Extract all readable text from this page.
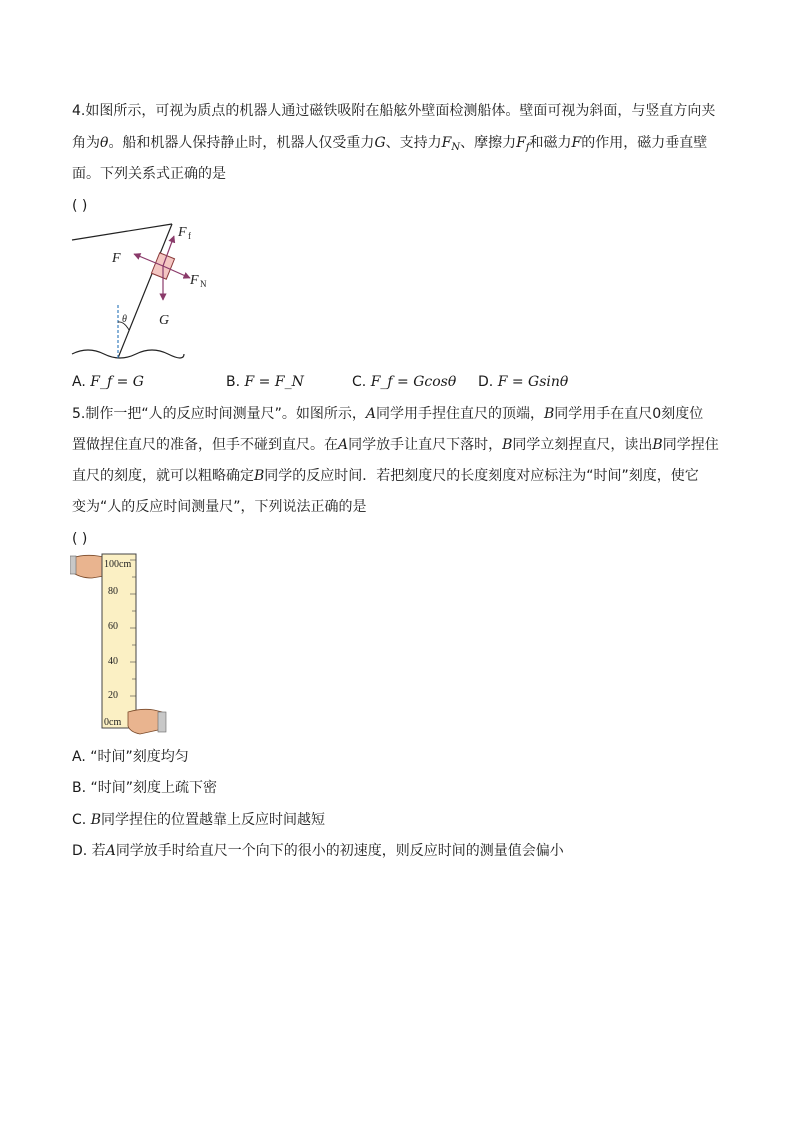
4.如图所示，可视为质点的机器人通过磁铁吸附在船舷外壁面检测船体。壁面可视为斜面，与竖直方向夹
角为θ。船和机器人保持静止时，机器人仅受重力G、支持力$F_N$、摩擦力$F_f$和磁力F的作用，磁力垂直壁
面。下列关系式正确的是
( )
θ
F f
F
F N
G
A. F_f = G	B. F = F_N	C. F_f = Gcosθ D. F = Gsinθ
5.制作一把“人的反应时间测量尺”。如图所示，A同学用手捏住直尺的顶端，B同学用手在直尺0刻度位
置做捏住直尺的准备，但手不碰到直尺。在A同学放手让直尺下落时，B同学立刻捏直尺，读出B同学捏住
直尺的刻度，就可以粗略确定B同学的反应时间．若把刻度尺的长度刻度对应标注为“时间”刻度，使它
变为“人的反应时间测量尺”，下列说法正确的是
( )
100cm
80
60
40
20
0cm
A. “时间”刻度均匀
B. “时间”刻度上疏下密
C. B同学捏住的位置越靠上反应时间越短
D. 若A同学放手时给直尺一个向下的很小的初速度，则反应时间的测量值会偏小
